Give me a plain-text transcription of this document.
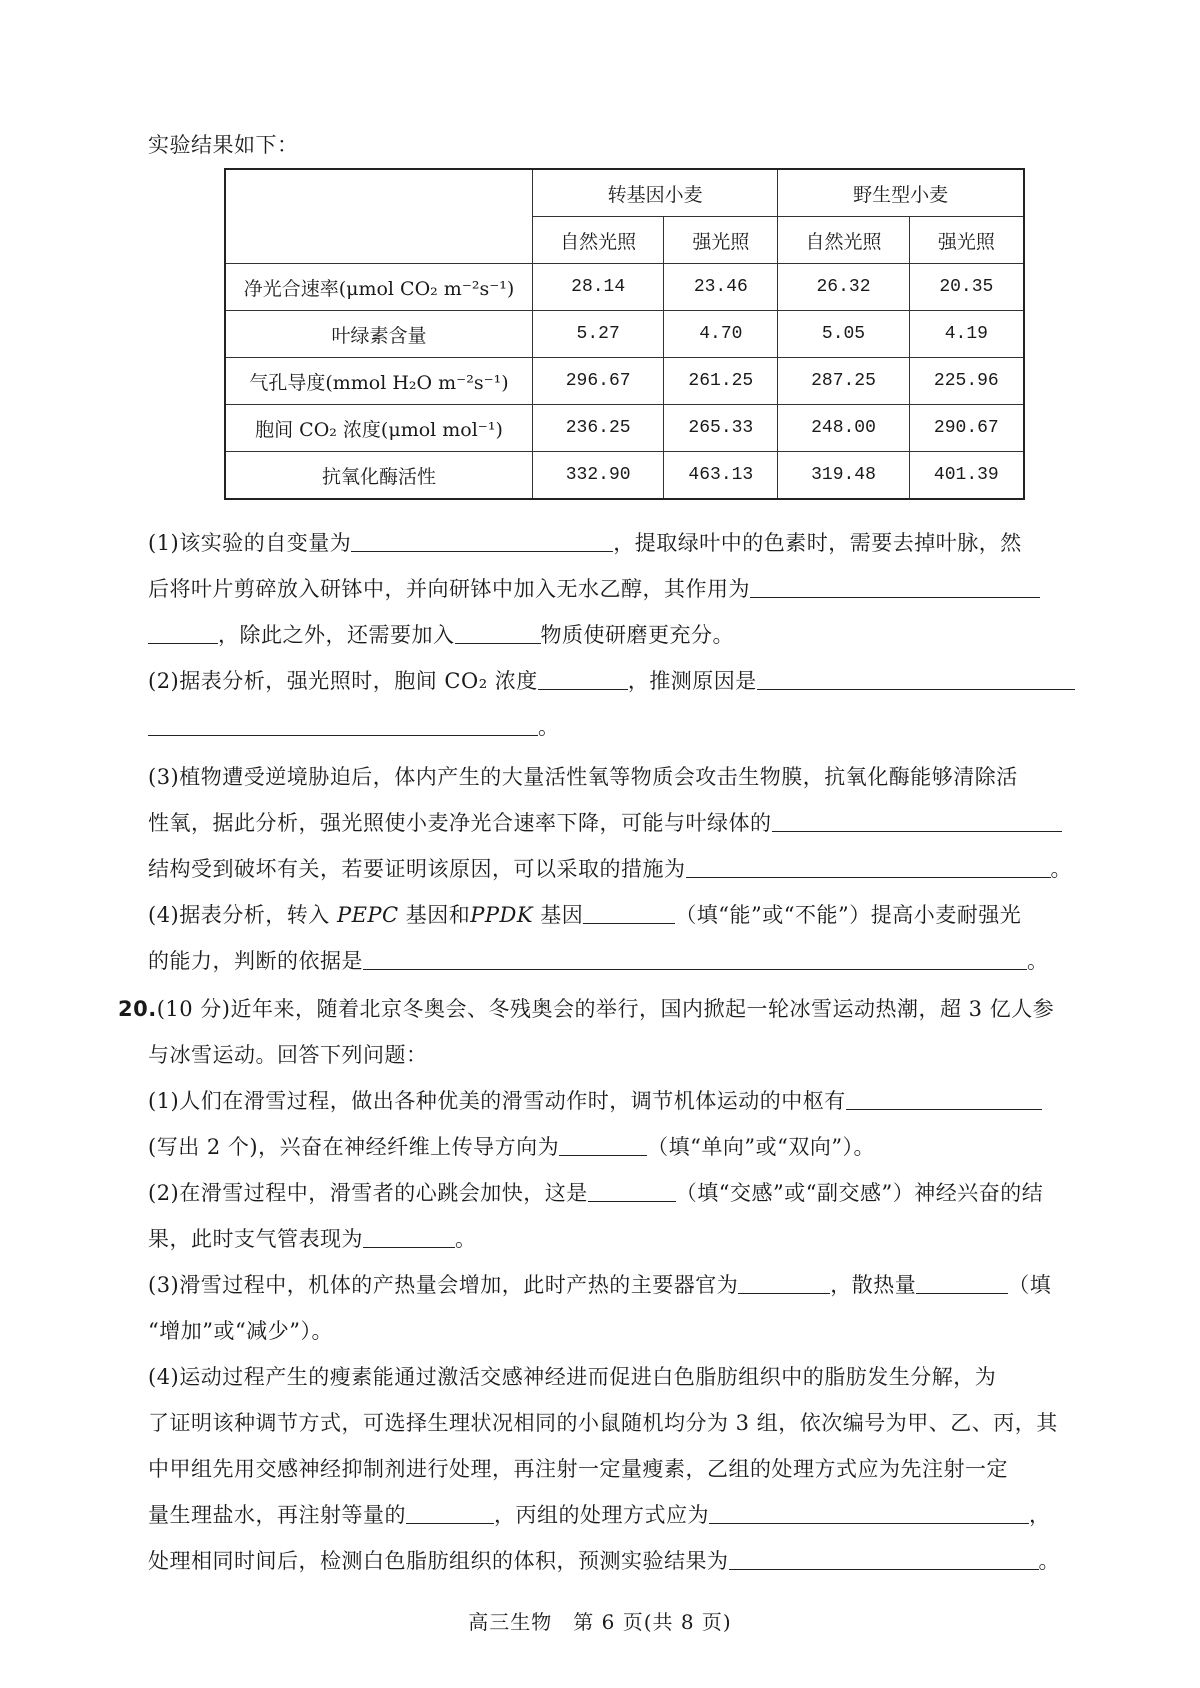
实验结果如下：
	转基因小麦		野生型小麦	
	自然光照	强光照	自然光照	强光照
净光合速率(μmol CO₂ m⁻²s⁻¹)	28.14	23.46	26.32	20.35
叶绿素含量	5.27	4.70	5.05	4.19
气孔导度(mmol H₂O m⁻²s⁻¹)	296.67	261.25	287.25	225.96
胞间 CO₂ 浓度(μmol mol⁻¹)	236.25	265.33	248.00	290.67
抗氧化酶活性	332.90	463.13	319.48	401.39
(1)该实验的自变量为	，提取绿叶中的色素时，需要去掉叶脉，然
后将叶片剪碎放入研钵中，并向研钵中加入无水乙醇，其作用为
，除此之外，还需要加入	物质使研磨更充分。
(2)据表分析，强光照时，胞间 CO₂ 浓度	，推测原因是
。
(3)植物遭受逆境胁迫后，体内产生的大量活性氧等物质会攻击生物膜，抗氧化酶能够清除活
性氧，据此分析，强光照使小麦净光合速率下降，可能与叶绿体的
结构受到破坏有关，若要证明该原因，可以采取的措施为	。
(4)据表分析，转入 PEPC 基因和PPDK 基因	（填“能”或“不能”）提高小麦耐强光
的能力，判断的依据是	。
20.(10 分)近年来，随着北京冬奥会、冬残奥会的举行，国内掀起一轮冰雪运动热潮，超 3 亿人参
与冰雪运动。回答下列问题：
(1)人们在滑雪过程，做出各种优美的滑雪动作时，调节机体运动的中枢有
(写出 2 个)，兴奋在神经纤维上传导方向为	（填“单向”或“双向”）。
(2)在滑雪过程中，滑雪者的心跳会加快，这是	（填“交感”或“副交感”）神经兴奋的结
果，此时支气管表现为	。
(3)滑雪过程中，机体的产热量会增加，此时产热的主要器官为	，散热量	（填
“增加”或“减少”）。
(4)运动过程产生的瘦素能通过激活交感神经进而促进白色脂肪组织中的脂肪发生分解，为
了证明该种调节方式，可选择生理状况相同的小鼠随机均分为 3 组，依次编号为甲、乙、丙，其
中甲组先用交感神经抑制剂进行处理，再注射一定量瘦素，乙组的处理方式应为先注射一定
量生理盐水，再注射等量的	，丙组的处理方式应为	，
处理相同时间后，检测白色脂肪组织的体积，预测实验结果为	。
高三生物　第 6 页(共 8 页)
